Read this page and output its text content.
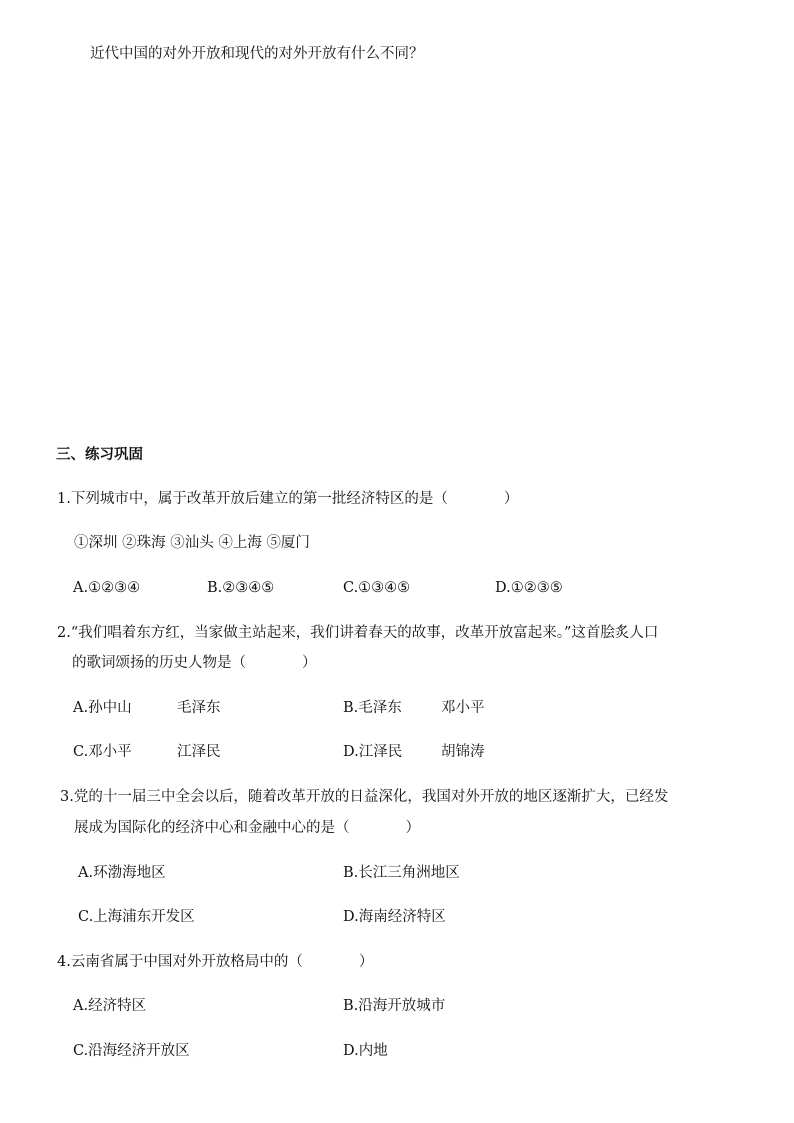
近代中国的对外开放和现代的对外开放有什么不同？
三、练习巩固
1.下列城市中，属于改革开放后建立的第一批经济特区的是（	）
①深圳 ②珠海 ③汕头 ④上海 ⑤厦门
A.①②③④	B.②③④⑤	C.①③④⑤	D.①②③⑤
2.“我们唱着东方红，当家做主站起来，我们讲着春天的故事，改革开放富起来。”这首脍炙人口
的歌词颂扬的历史人物是（	）
A.孙中山	毛泽东	B.毛泽东	邓小平
C.邓小平	江泽民	D.江泽民	胡锦涛
3.党的十一届三中全会以后，随着改革开放的日益深化，我国对外开放的地区逐渐扩大，已经发
展成为国际化的经济中心和金融中心的是（	）
A.环渤海地区	B.长江三角洲地区
C.上海浦东开发区	D.海南经济特区
4.云南省属于中国对外开放格局中的（	）
A.经济特区	B.沿海开放城市
C.沿海经济开放区	D.内地
